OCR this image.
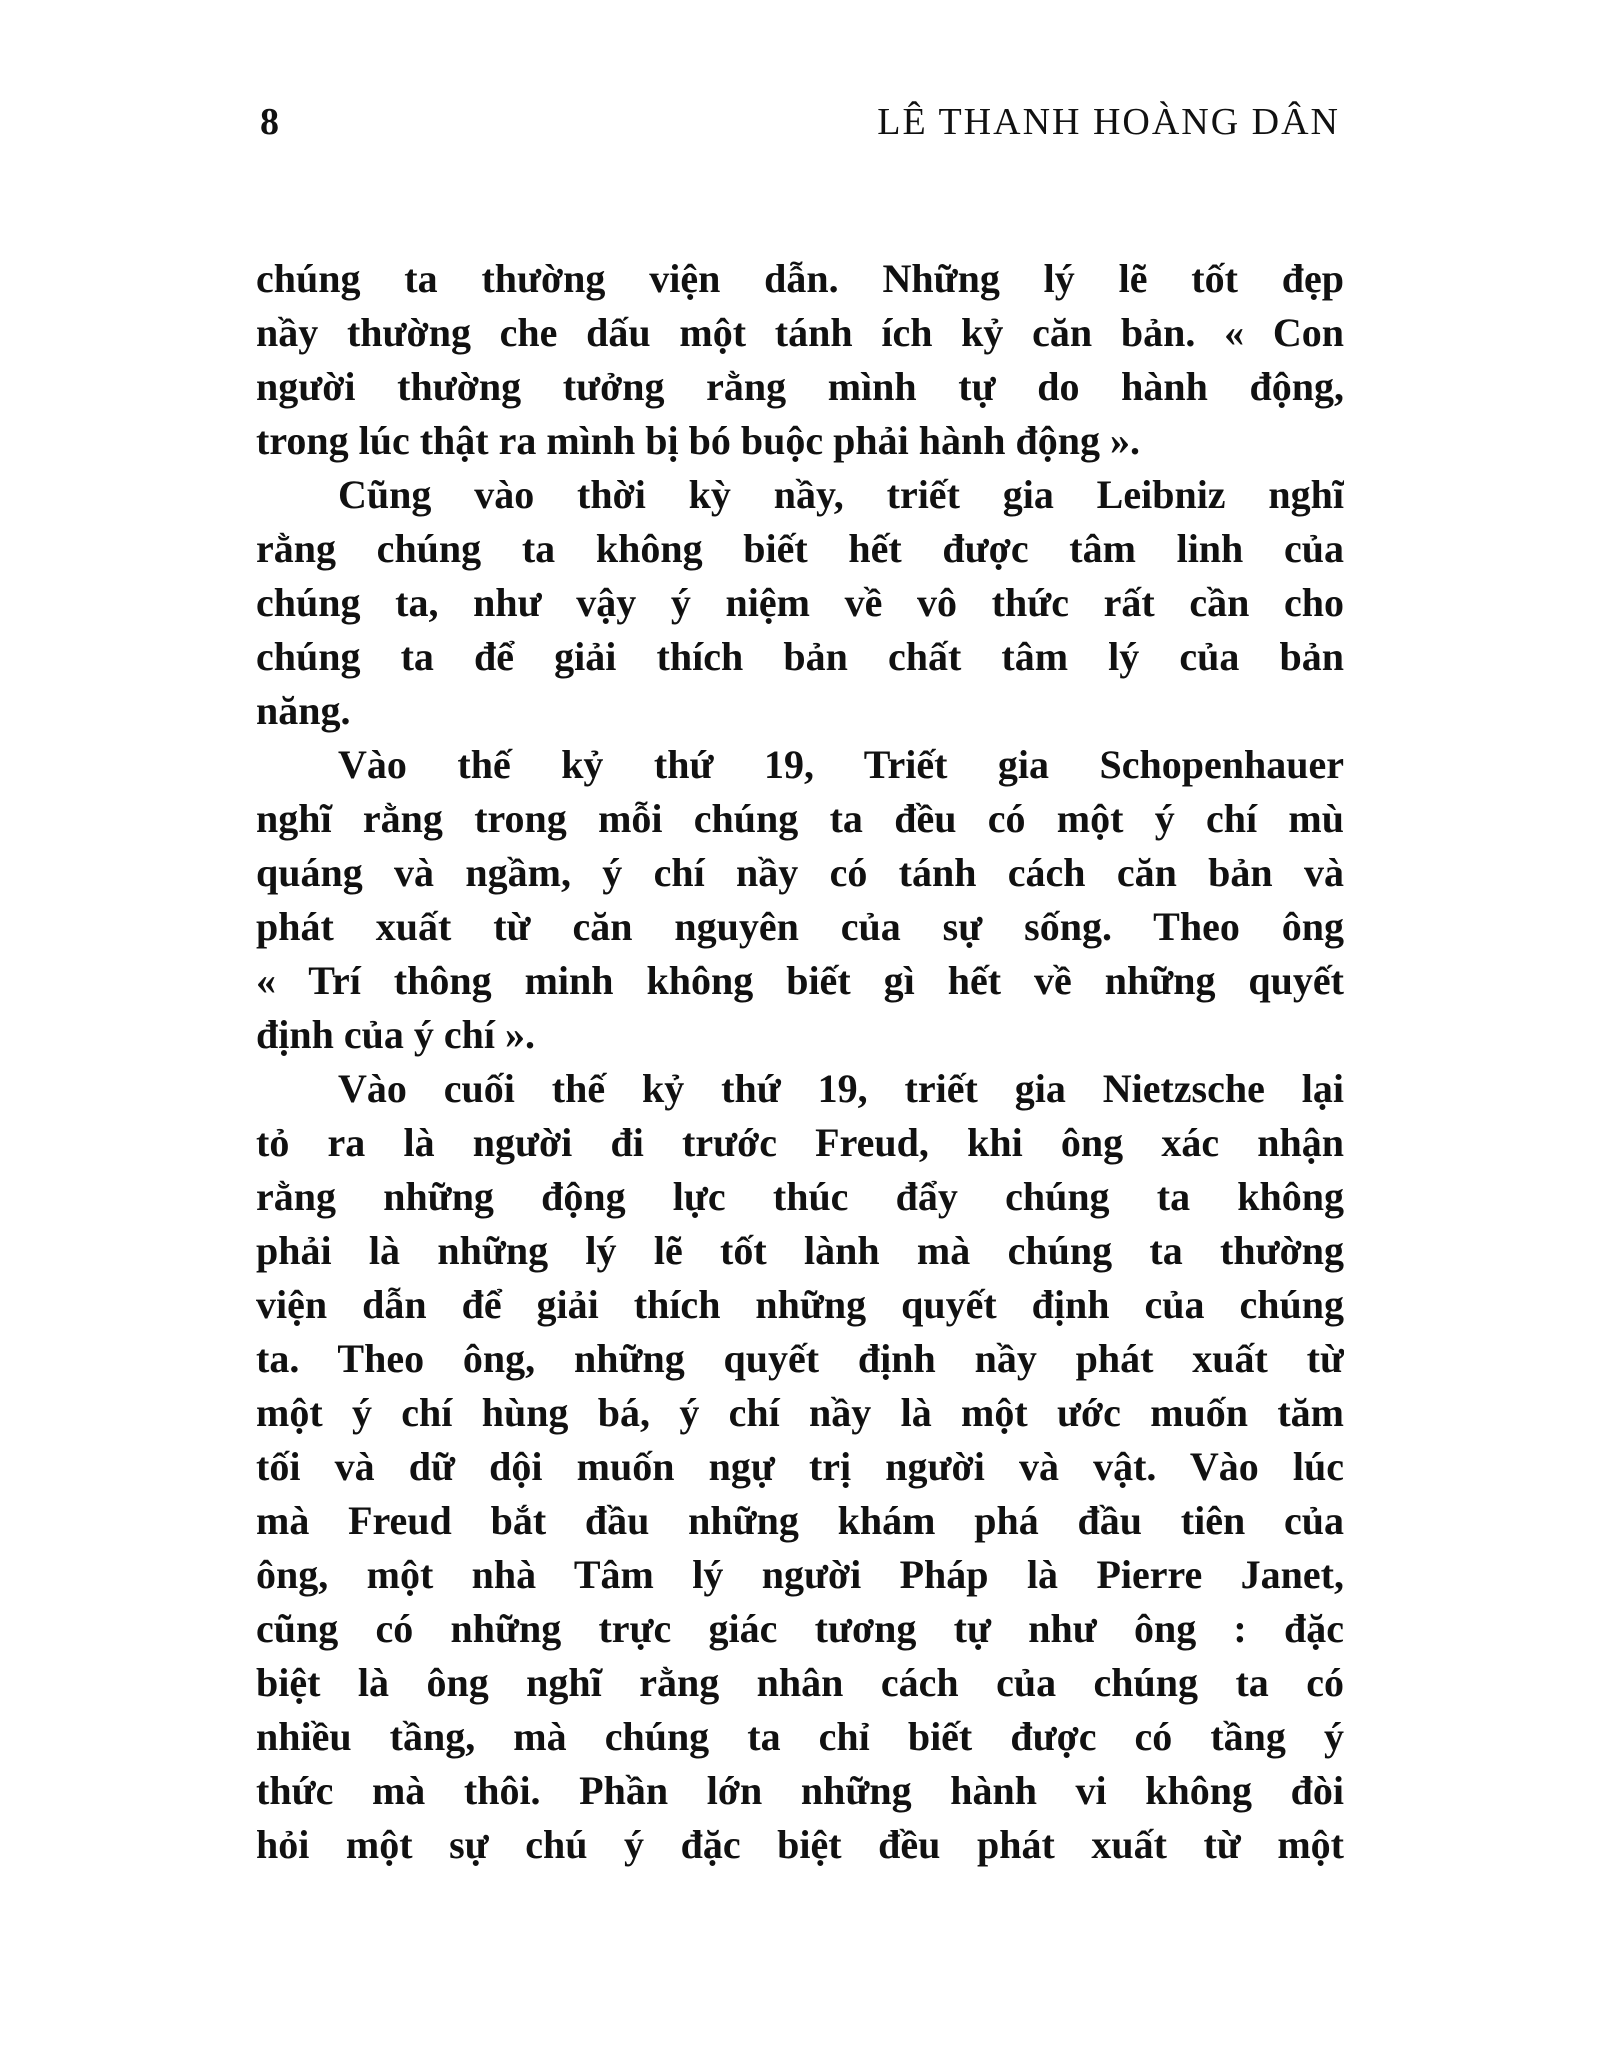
8	LÊ THANH HOÀNG DÂN
chúng ta thường viện dẫn. Những lý lẽ tốt đẹp
nầy thường che dấu một tánh ích kỷ căn bản. « Con
người thường tưởng rằng mình tự do hành động,
trong lúc thật ra mình bị bó buộc phải hành động ».
Cũng vào thời kỳ nầy, triết gia Leibniz nghĩ
rằng chúng ta không biết hết được tâm linh của
chúng ta, như vậy ý niệm về vô thức rất cần cho
chúng ta để giải thích bản chất tâm lý của bản
năng.
Vào thế kỷ thứ 19, Triết gia Schopenhauer
nghĩ rằng trong mỗi chúng ta đều có một ý chí mù
quáng và ngầm, ý chí nầy có tánh cách căn bản và
phát xuất từ căn nguyên của sự sống. Theo ông
« Trí thông minh không biết gì hết về những quyết
định của ý chí ».
Vào cuối thế kỷ thứ 19, triết gia Nietzsche lại
tỏ ra là người đi trước Freud, khi ông xác nhận
rằng những động lực thúc đẩy chúng ta không
phải là những lý lẽ tốt lành mà chúng ta thường
viện dẫn để giải thích những quyết định của chúng
ta. Theo ông, những quyết định nầy phát xuất từ
một ý chí hùng bá, ý chí nầy là một ước muốn tăm
tối và dữ dội muốn ngự trị người và vật. Vào lúc
mà Freud bắt đầu những khám phá đầu tiên của
ông, một nhà Tâm lý người Pháp là Pierre Janet,
cũng có những trực giác tương tự như ông : đặc
biệt là ông nghĩ rằng nhân cách của chúng ta có
nhiều tầng, mà chúng ta chỉ biết được có tầng ý
thức mà thôi. Phần lớn những hành vi không đòi
hỏi một sự chú ý đặc biệt đều phát xuất từ một
